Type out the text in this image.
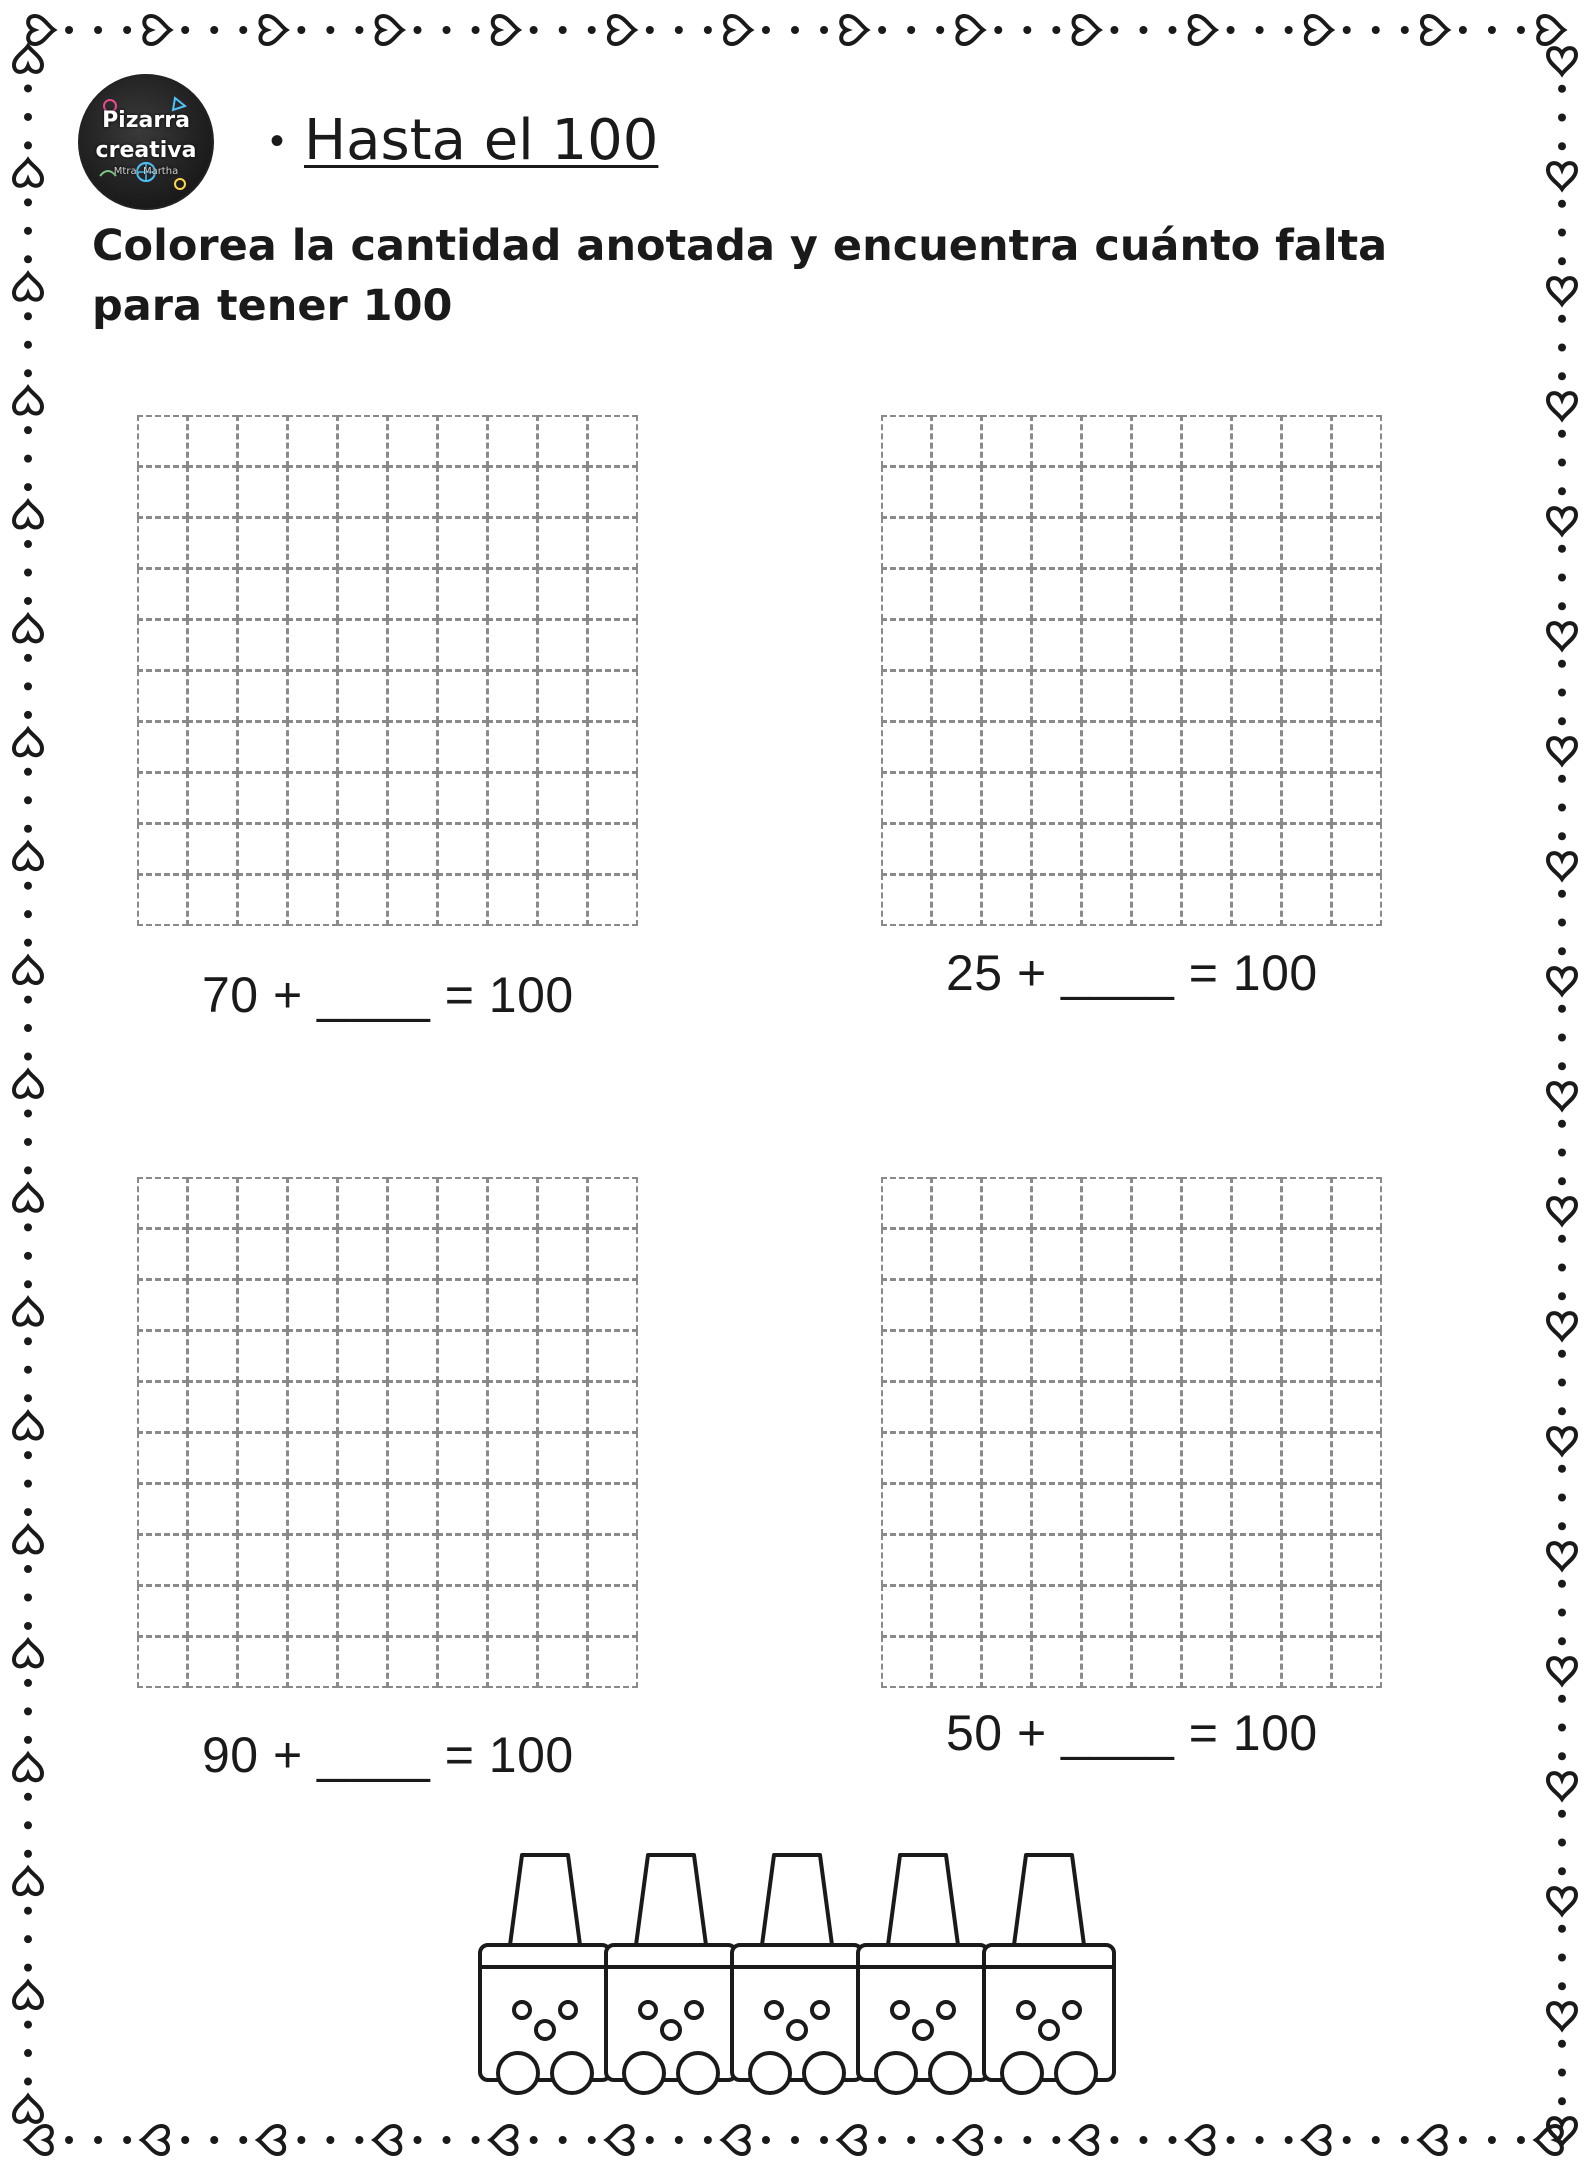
Pizarra
creativa
Mtra. Martha
• Hasta el 100
Colorea la cantidad anotada y encuentra cuánto falta para tener 100
70 + ____ = 100	25 + ____ = 100
90 + ____ = 100	50 + ____ = 100
